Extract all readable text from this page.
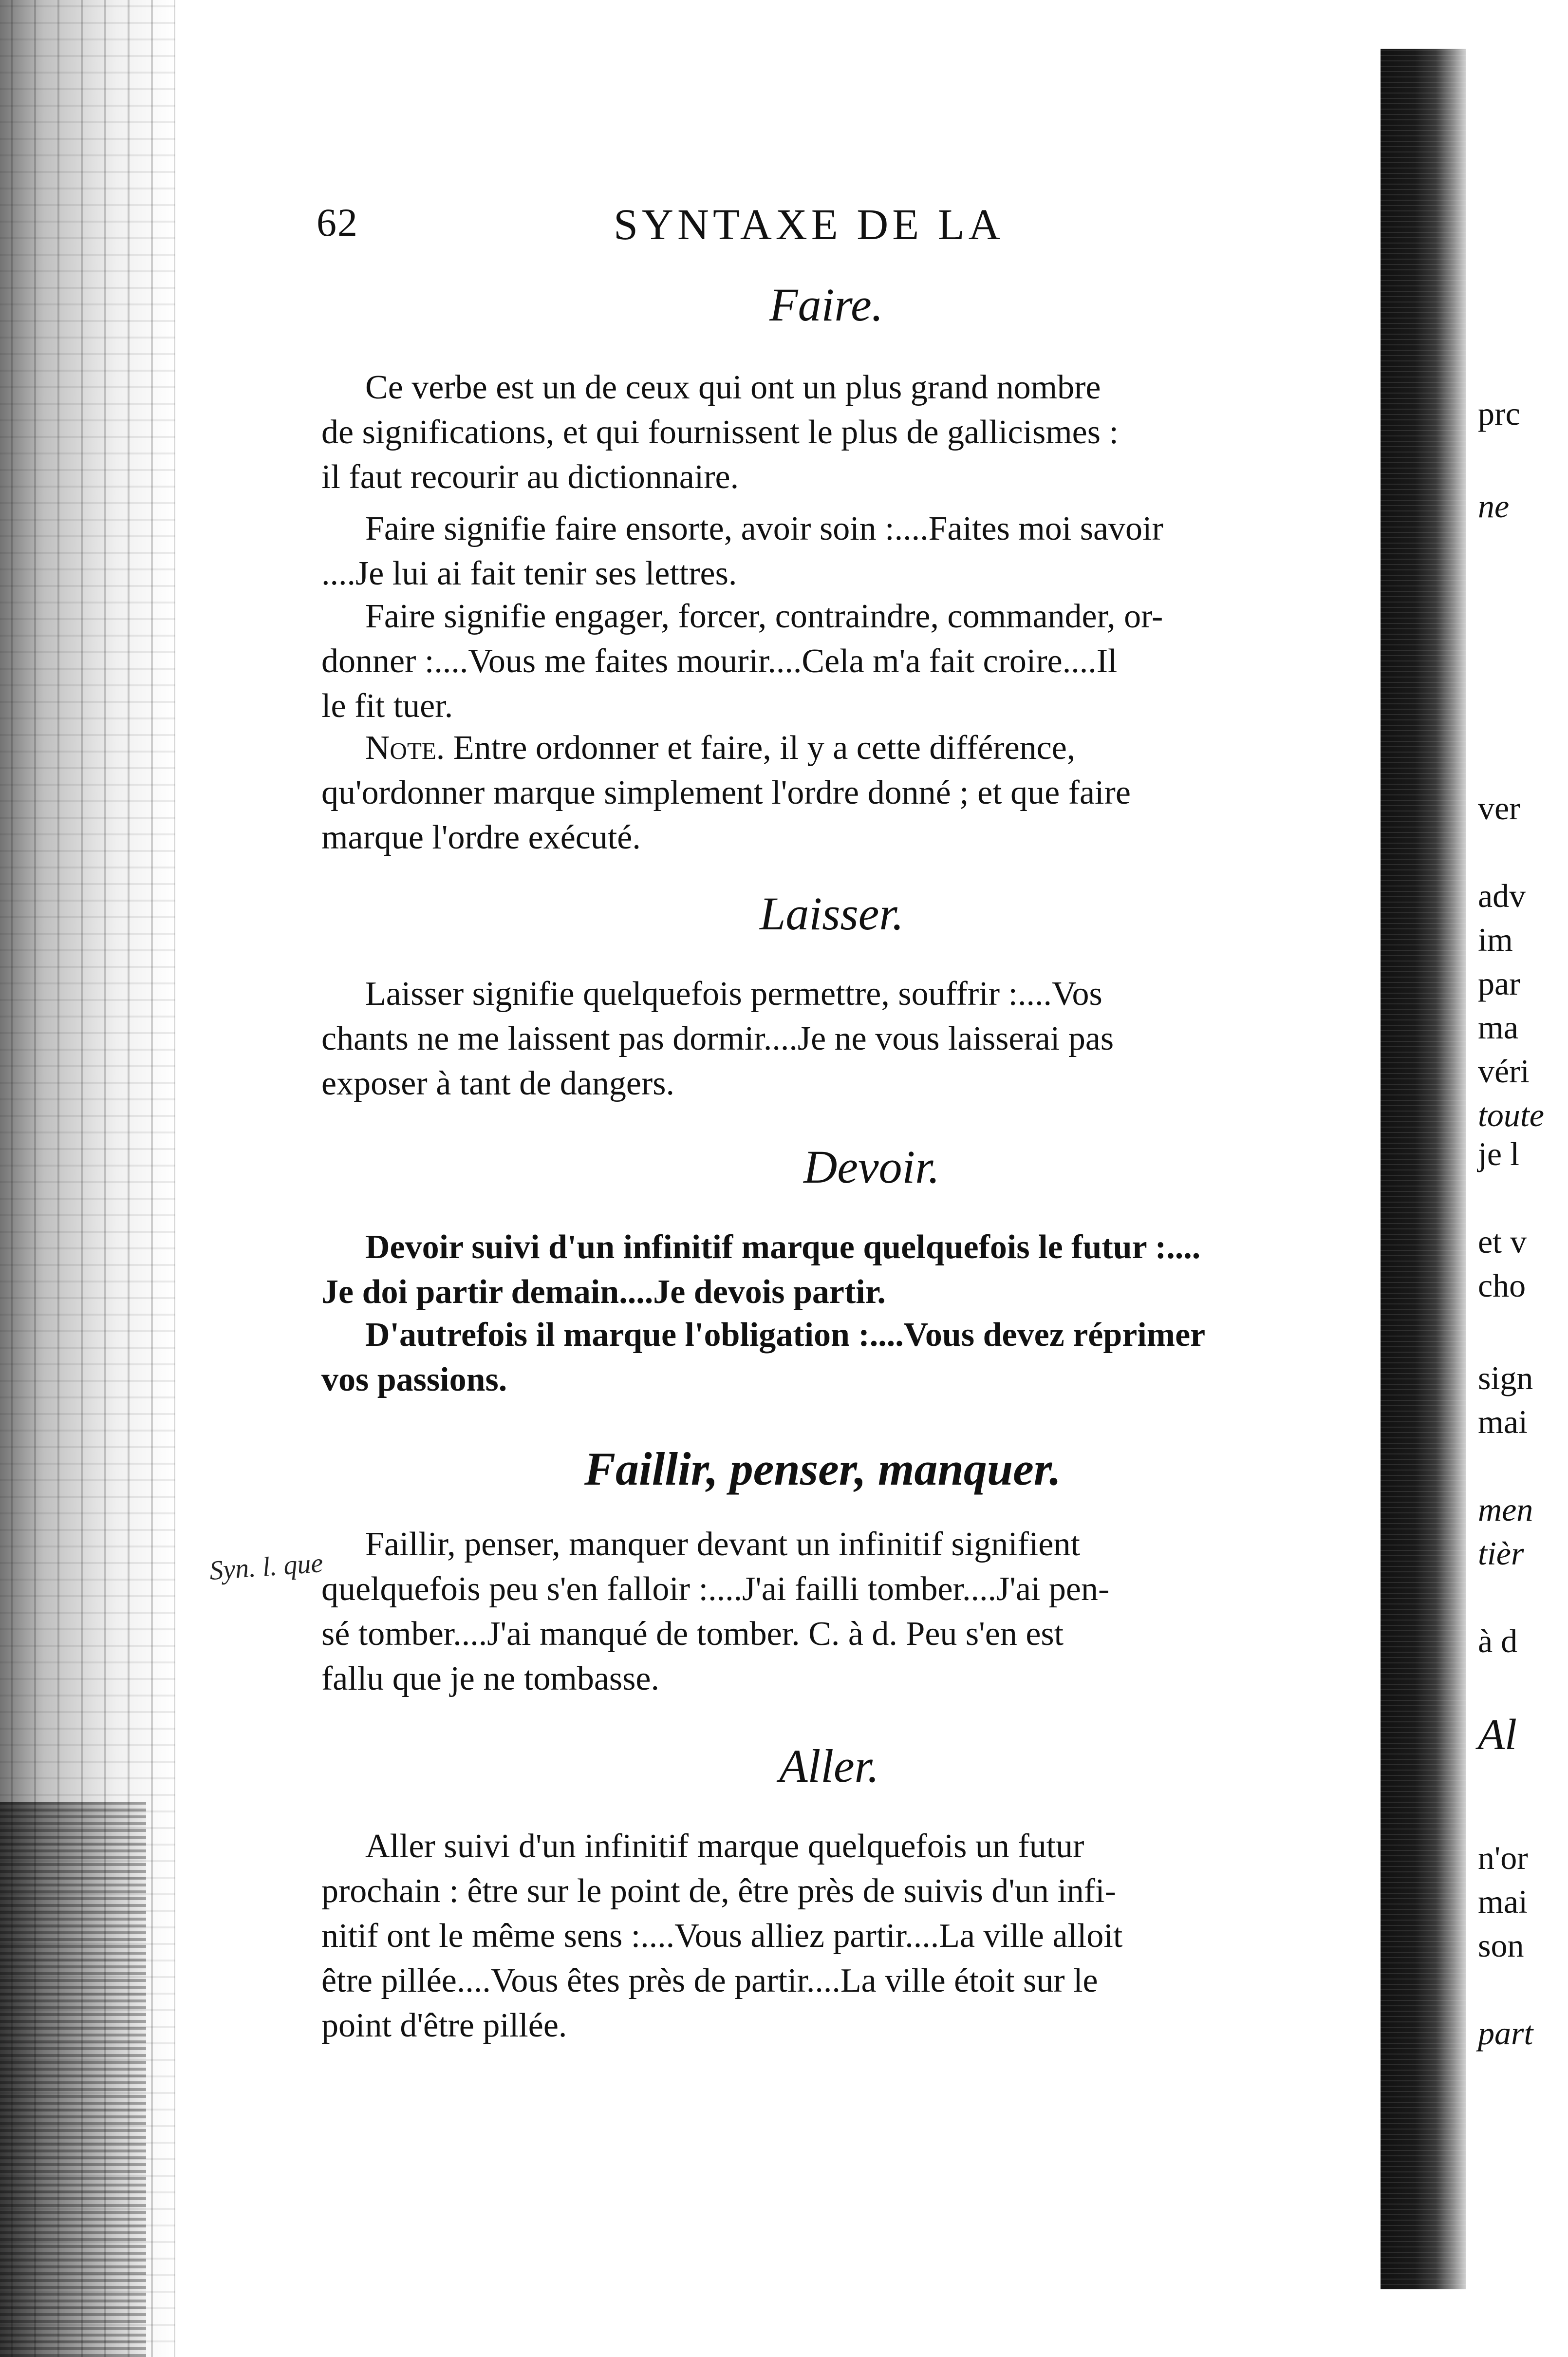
62	SYNTAXE DE LA
Faire.
Ce verbe est un de ceux qui ont un plus grand nombre
de significations, et qui fournissent le plus de gallicismes :
il faut recourir au dictionnaire.
Faire signifie faire ensorte, avoir soin :....Faites moi savoir
....Je lui ai fait tenir ses lettres.
Faire signifie engager, forcer, contraindre, commander, or-
donner :....Vous me faites mourir....Cela m'a fait croire....Il
le fit tuer.
Note. Entre ordonner et faire, il y a cette différence,
qu'ordonner marque simplement l'ordre donné ; et que faire
marque l'ordre exécuté.
Laisser.
Laisser signifie quelquefois permettre, souffrir :....Vos
chants ne me laissent pas dormir....Je ne vous laisserai pas
exposer à tant de dangers.
Devoir.
Devoir suivi d'un infinitif marque quelquefois le futur :....
Je doi partir demain....Je devois partir.
D'autrefois il marque l'obligation :....Vous devez réprimer
vos passions.
Faillir, penser, manquer.
Syn. l. que
Faillir, penser, manquer devant un infinitif signifient
quelquefois peu s'en falloir :....J'ai failli tomber....J'ai pen-
sé tomber....J'ai manqué de tomber. C. à d. Peu s'en est
fallu que je ne tombasse.
Aller.
Aller suivi d'un infinitif marque quelquefois un futur
prochain : être sur le point de, être près de suivis d'un infi-
nitif ont le même sens :....Vous alliez partir....La ville alloit
être pillée....Vous êtes près de partir....La ville étoit sur le
point d'être pillée.
prc
ne
ver
adv
im
par
ma
véri
toute
je l
et v
cho
sign
mai
men
tièr
à d
Al
n'or
mai
son
part
